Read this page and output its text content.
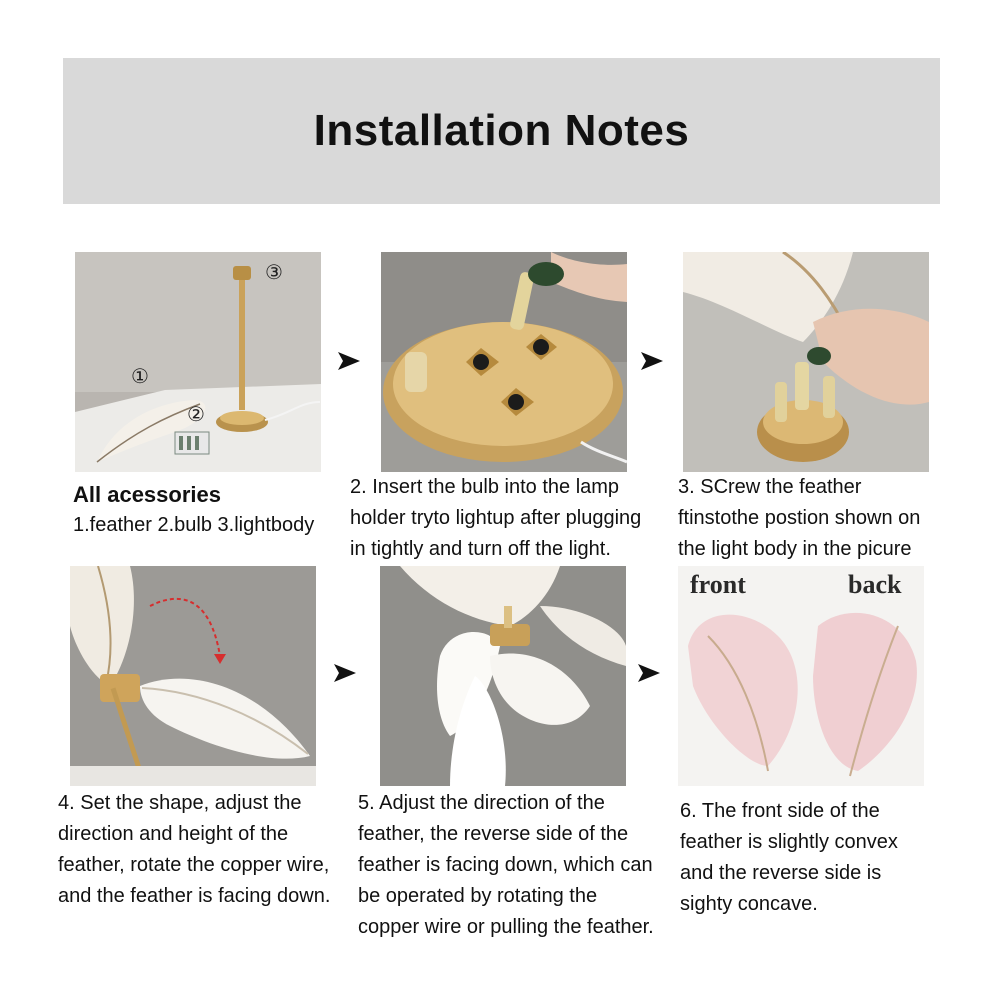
Installation Notes
①
②
③
front	back
All acessories
1.feather 2.bulb 3.lightbody
2. Insert the bulb into the lamp
holder tryto lightup after plugging
in tightly and turn off the light.
3. SCrew the feather
ftinstothe postion shown on
the light body in the picure
4. Set the shape, adjust the
direction and height of the
feather, rotate the copper wire,
and the feather is facing down.
5. Adjust the direction of the
feather, the reverse side of the
feather is facing down, which can
be operated by rotating the
copper wire or pulling the feather.
6. The front side of the
feather is slightly convex
and the reverse side is
sighty concave.
